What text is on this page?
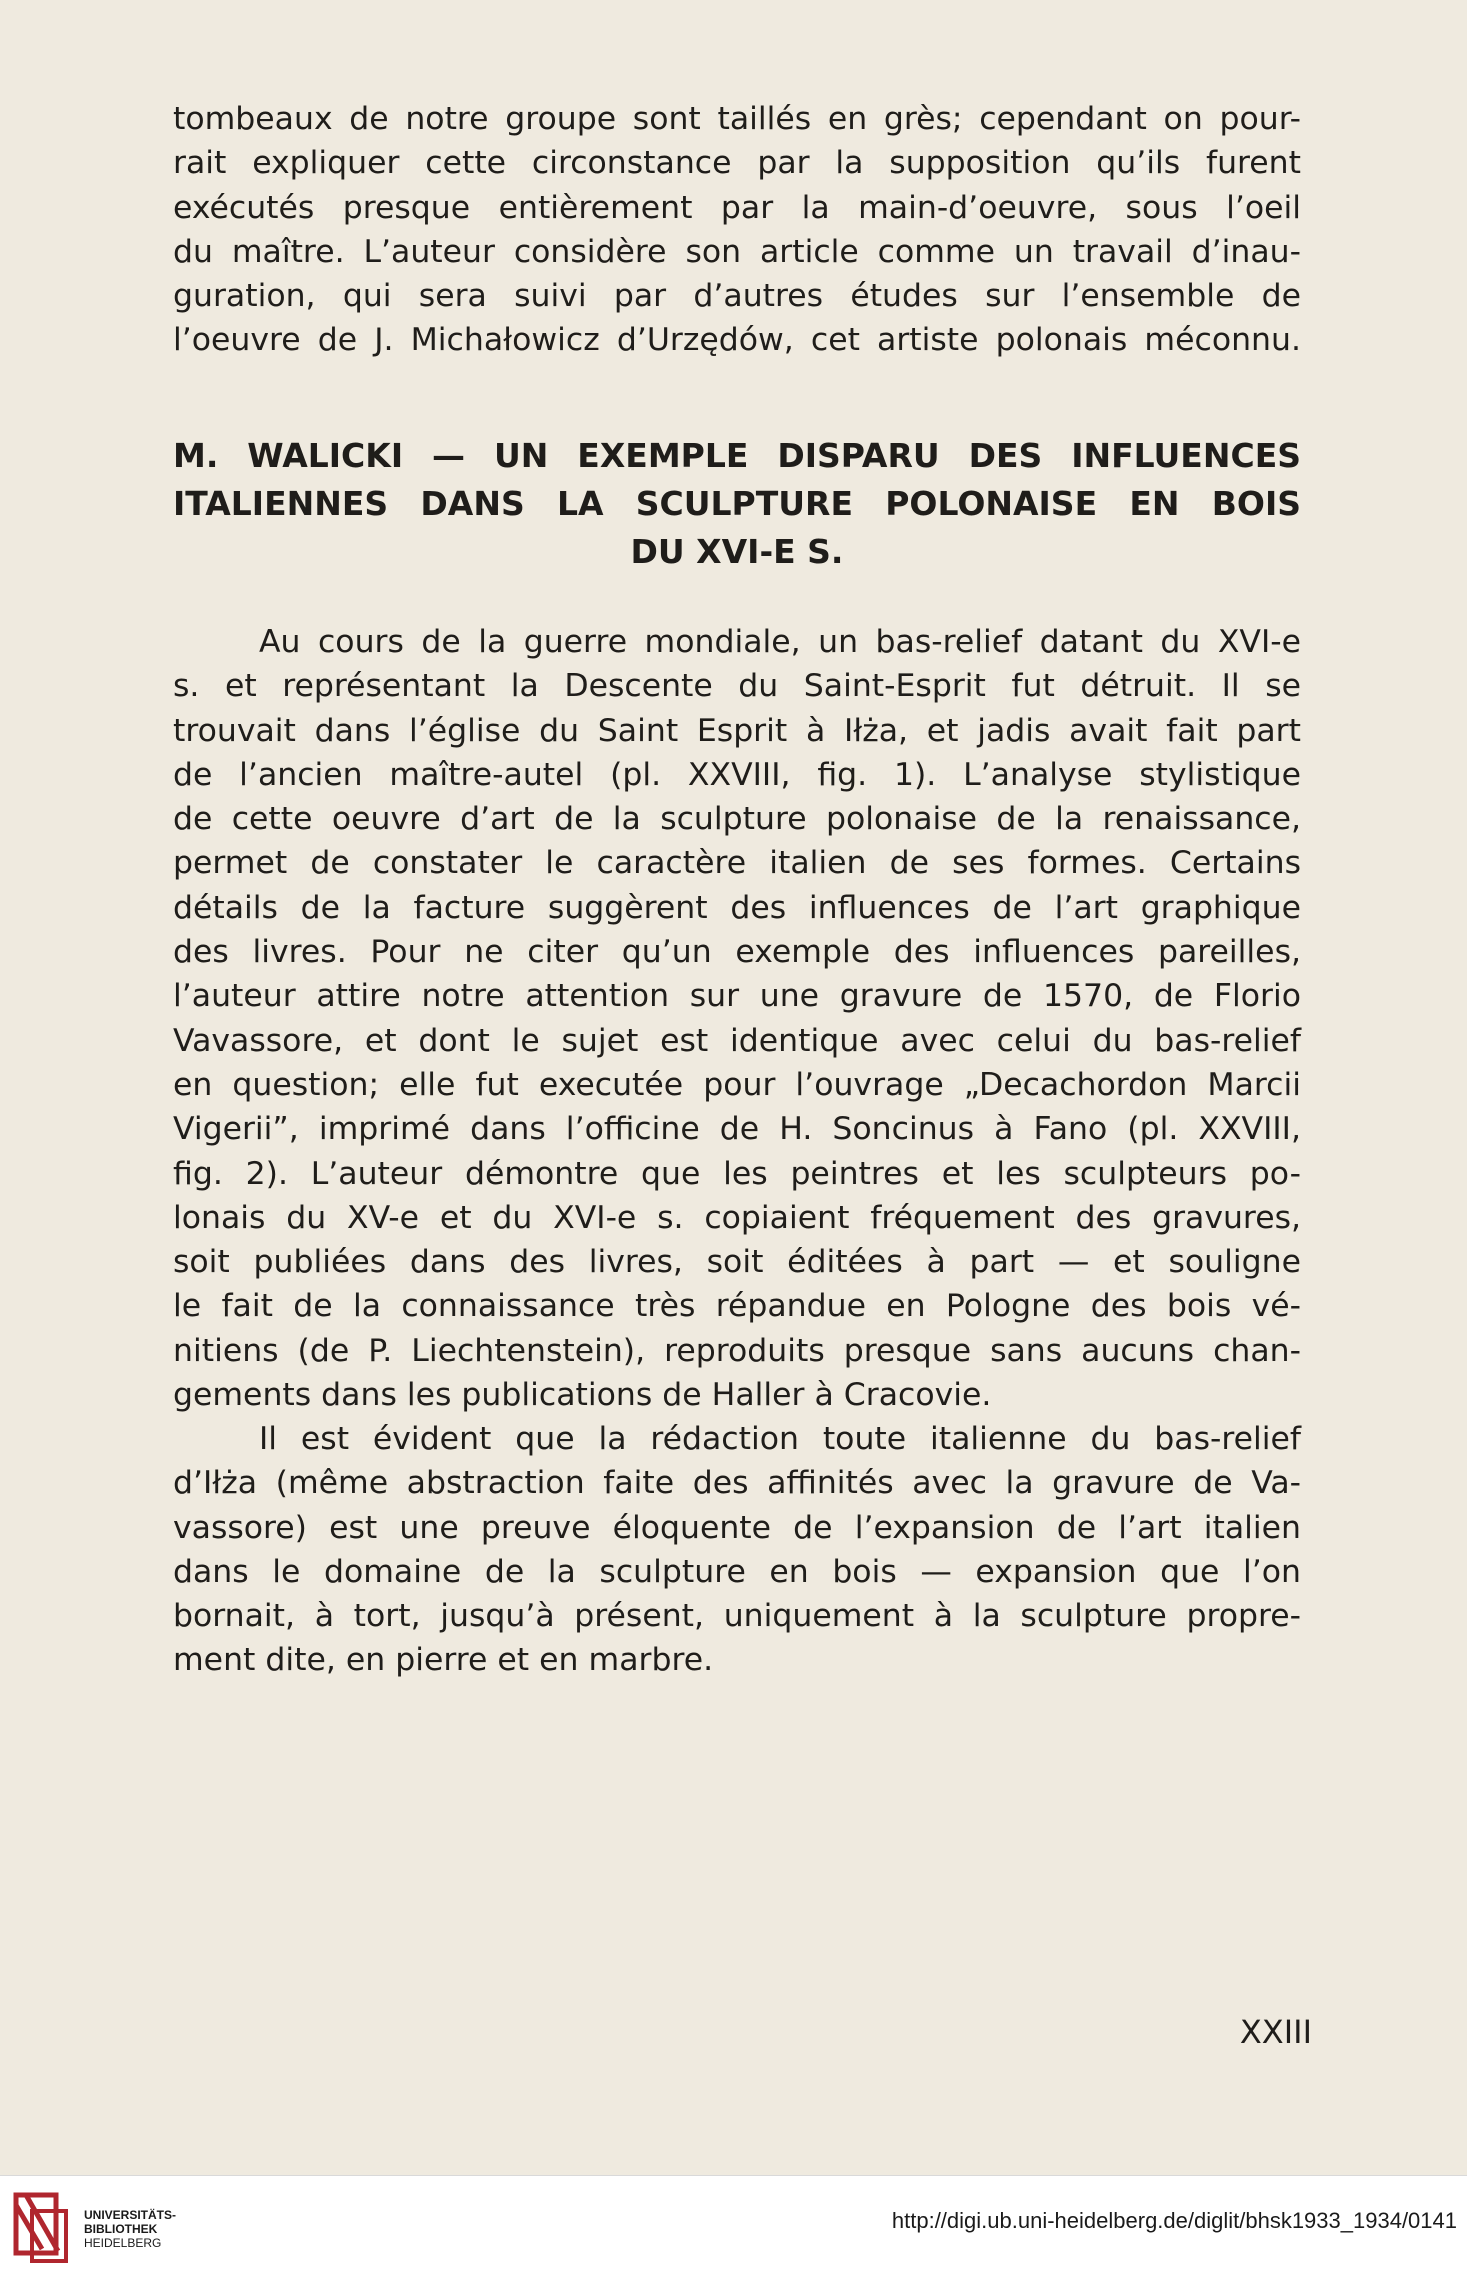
tombeaux de notre groupe sont taillés en grès; cependant on pour-
rait expliquer cette circonstance par la supposition qu’ils furent
exécutés presque entièrement par la main-d’oeuvre, sous l’oeil
du maître. L’auteur considère son article comme un travail d’inau-
guration, qui sera suivi par d’autres études sur l’ensemble de
l’oeuvre de J. Michałowicz d’Urzędów, cet artiste polonais méconnu.
M. WALICKI — UN EXEMPLE DISPARU DES INFLUENCES
ITALIENNES DANS LA SCULPTURE POLONAISE EN BOIS
DU XVI-E S.
Au cours de la guerre mondiale, un bas-relief datant du XVI-e
s. et représentant la Descente du Saint-Esprit fut détruit. Il se
trouvait dans l’église du Saint Esprit à Iłża, et jadis avait fait part
de l’ancien maître-autel (pl. XXVIII, fig. 1). L’analyse stylistique
de cette oeuvre d’art de la sculpture polonaise de la renaissance,
permet de constater le caractère italien de ses formes. Certains
détails de la facture suggèrent des influences de l’art graphique
des livres. Pour ne citer qu’un exemple des influences pareilles,
l’auteur attire notre attention sur une gravure de 1570, de Florio
Vavassore, et dont le sujet est identique avec celui du bas-relief
en question; elle fut executée pour l’ouvrage „Decachordon Marcii
Vigerii”, imprimé dans l’officine de H. Soncinus à Fano (pl. XXVIII,
fig. 2). L’auteur démontre que les peintres et les sculpteurs po-
lonais du XV-e et du XVI-e s. copiaient fréquement des gravures,
soit publiées dans des livres, soit éditées à part — et souligne
le fait de la connaissance très répandue en Pologne des bois vé-
nitiens (de P. Liechtenstein), reproduits presque sans aucuns chan-
gements dans les publications de Haller à Cracovie.
Il est évident que la rédaction toute italienne du bas-relief
d’Iłża (même abstraction faite des affinités avec la gravure de Va-
vassore) est une preuve éloquente de l’expansion de l’art italien
dans le domaine de la sculpture en bois — expansion que l’on
bornait, à tort, jusqu’à présent, uniquement à la sculpture propre-
ment dite, en pierre et en marbre.
XXIII
UNIVERSITÄTS-
BIBLIOTHEK
HEIDELBERG
http://digi.ub.uni-heidelberg.de/diglit/bhsk1933_1934/0141
